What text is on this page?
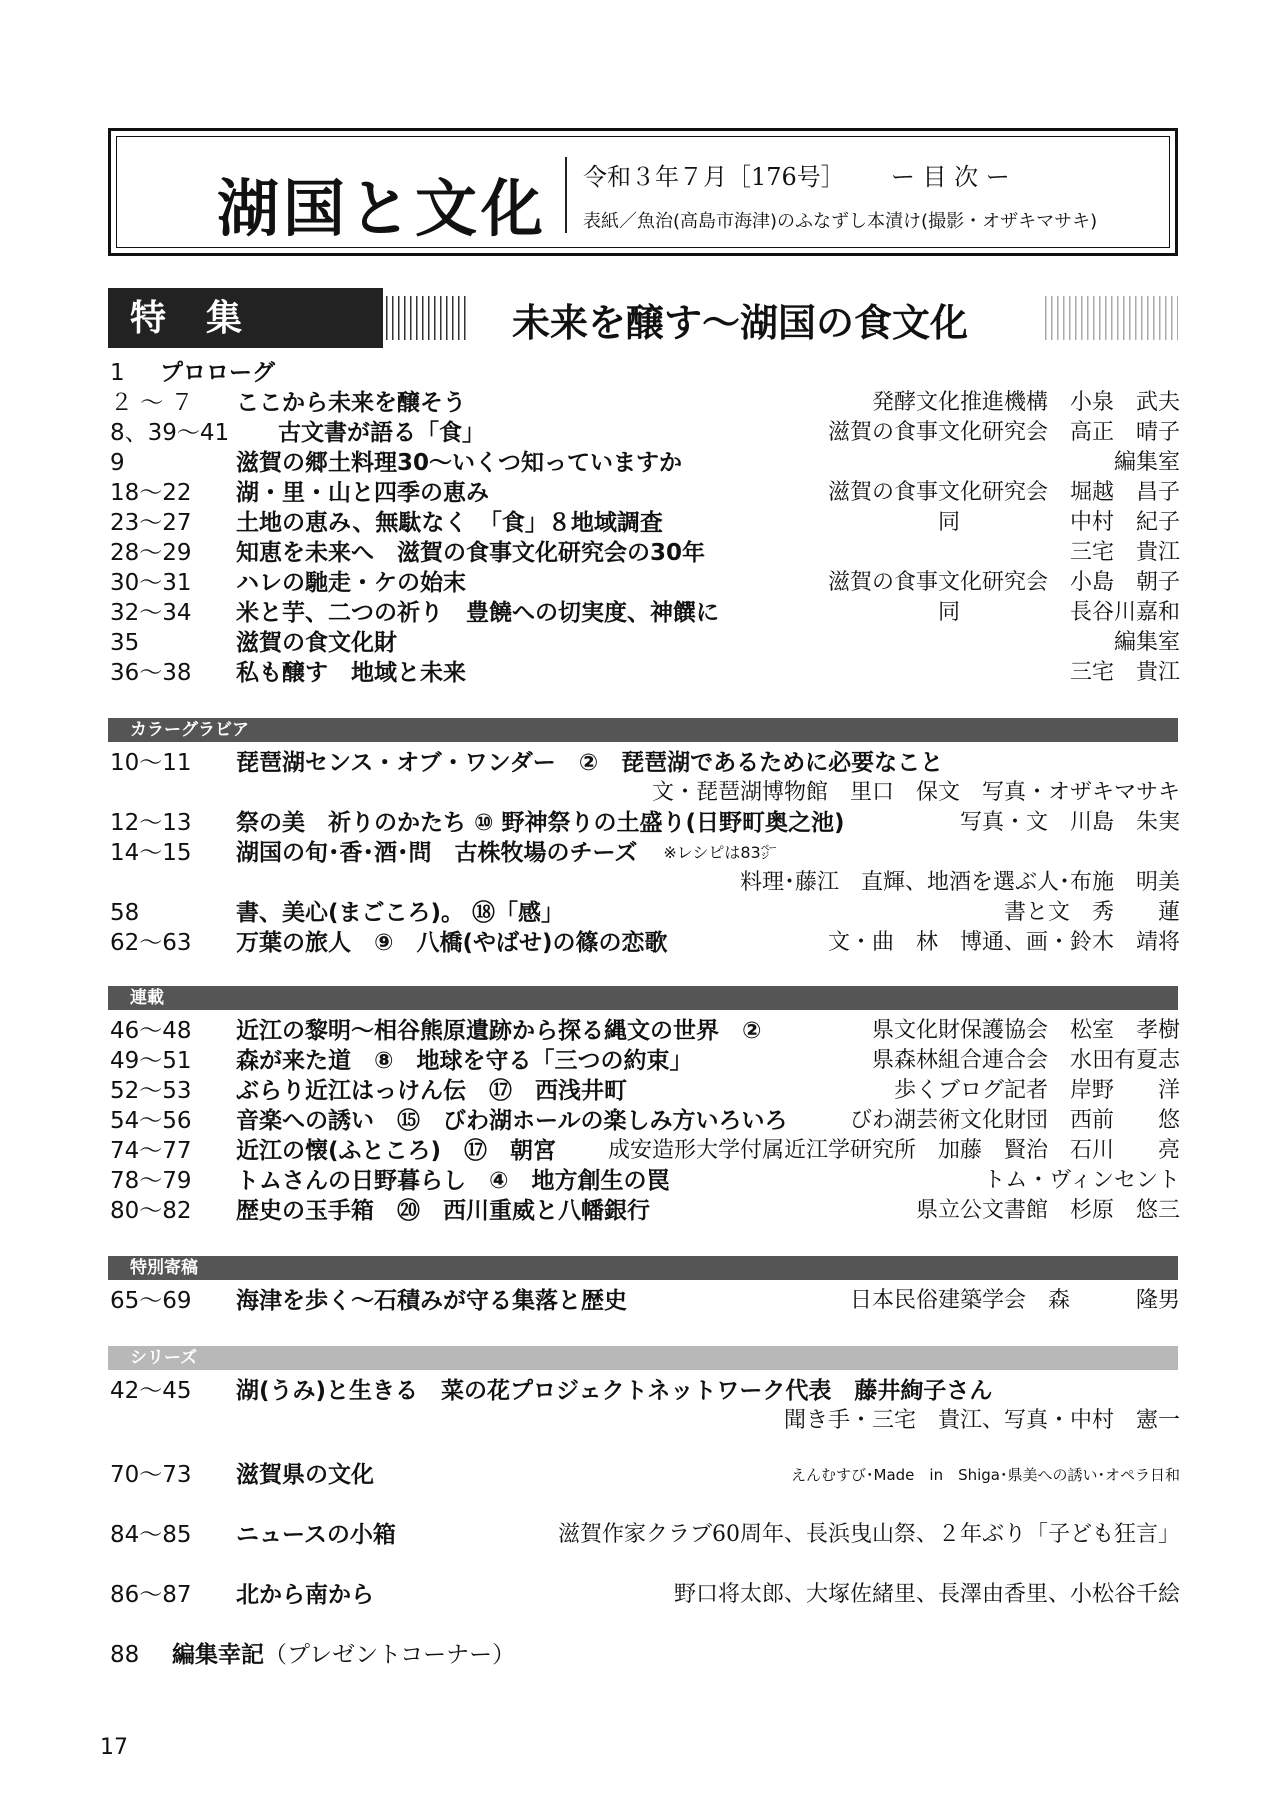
湖国と文化 令和３年７月［176号］ ー 目 次 ー
表紙／魚治(高島市海津)のふなずし本漬け(撮影・オザキマサキ)
特集	未来を醸す～湖国の食文化
1 プロローグ
２ ～ ７ ここから未来を醸そう	発酵文化推進機構　小泉　武夫
8、39～41 古文書が語る「食」	滋賀の食事文化研究会　高正　晴子
9	滋賀の郷土料理30～いくつ知っていますか	編集室
18～22 湖・里・山と四季の恵み	滋賀の食事文化研究会　堀越　昌子
23～27 土地の恵み、無駄なく　「食」８地域調査	同　　　　　中村　紀子
28～29 知恵を未来へ　滋賀の食事文化研究会の30年	三宅　貴江
30～31 ハレの馳走・ケの始末	滋賀の食事文化研究会　小島　朝子
32～34 米と芋、二つの祈り　豊饒への切実度、神饌に	同　　　　　長谷川嘉和
35	滋賀の食文化財	編集室
36～38 私も醸す　地域と未来	三宅　貴江
カラーグラビア
10～11 琵琶湖センス・オブ・ワンダー　②　琵琶湖であるために必要なこと
文・琵琶湖博物館　里口　保文　写真・オザキマサキ
12～13 祭の美　祈りのかたち ⑩ 野神祭りの土盛り(日野町奥之池)	写真・文　川島　朱実
14～15 湖国の旬･香･酒･問　古株牧場のチーズ $^{※レシピは83㌻}$
料理･藤江　直輝、地酒を選ぶ人･布施　明美
58	書、美心(まごころ)。 ⑱「感」	書と文　秀　　蓮
62～63 万葉の旅人　⑨　八橋(やばせ)の篠の恋歌	文・曲　林　博通、画・鈴木　靖将
連載
46～48 近江の黎明～相谷熊原遺跡から探る縄文の世界　②	県文化財保護協会　松室　孝樹
49～51 森が来た道　⑧　地球を守る「三つの約束」	県森林組合連合会　水田有夏志
52～53 ぶらり近江はっけん伝　⑰　西浅井町	歩くブログ記者　岸野　　洋
54～56 音楽への誘い　⑮　びわ湖ホールの楽しみ方いろいろ	びわ湖芸術文化財団　西前　　悠
74～77 近江の懐(ふところ)　⑰　朝宮 成安造形大学付属近江学研究所　加藤　賢治　石川　　亮
78～79 トムさんの日野暮らし　④　地方創生の罠	トム・ヴィンセント
80～82 歴史の玉手箱　⑳　西川重威と八幡銀行	県立公文書館　杉原　悠三
特別寄稿
65～69 海津を歩く～石積みが守る集落と歴史	日本民俗建築学会　森　　　隆男
シリーズ
42～45 湖(うみ)と生きる　菜の花プロジェクトネットワーク代表　藤井絢子さん
聞き手・三宅　貴江、写真・中村　憲一
70～73 滋賀県の文化	えんむすび･Made　in　Shiga･県美への誘い･オペラ日和
84～85 ニュースの小箱	滋賀作家クラブ60周年、長浜曳山祭、２年ぶり「子ども狂言」
86～87 北から南から	野口将太郎、大塚佐緒里、長澤由香里、小松谷千絵
88 編集幸記（プレゼントコーナー）
17
